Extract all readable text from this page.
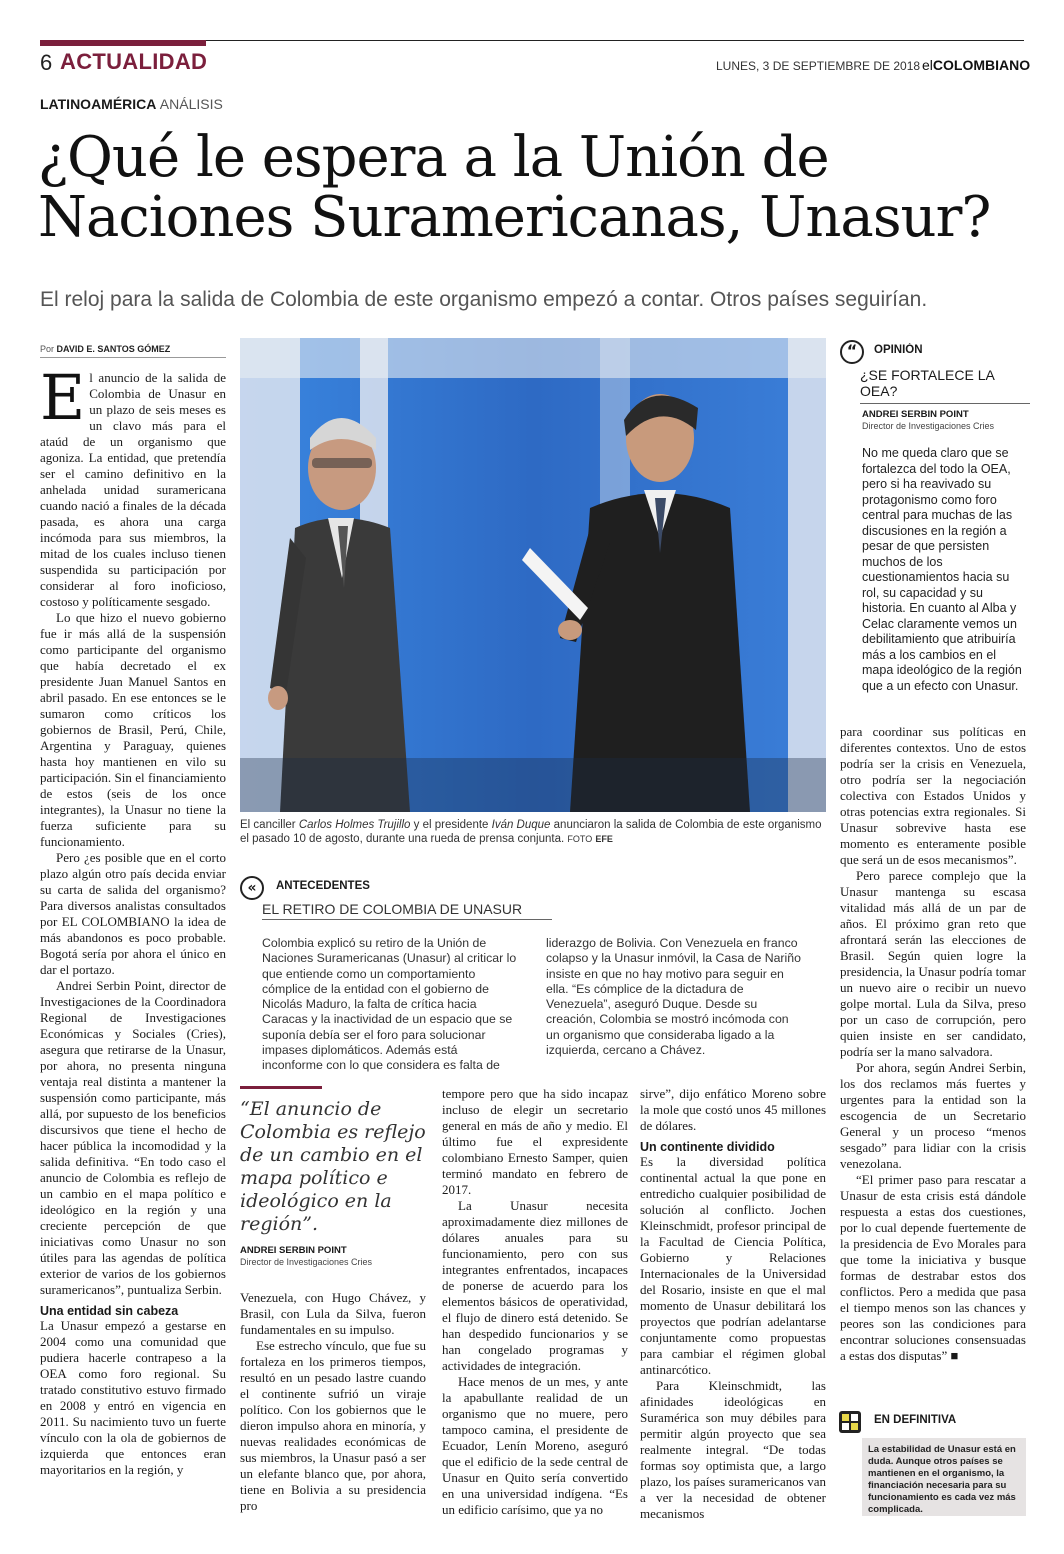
6 ACTUALIDAD	LUNES, 3 DE SEPTIEMBRE DE 2018 elCOLOMBIANO
LATINOAMÉRICA ANÁLISIS
¿Qué le espera a la Unión de Naciones Suramericanas, Unasur?
El reloj para la salida de Colombia de este organismo empezó a contar. Otros países seguirían.
Por DAVID E. SANTOS GÓMEZ

El anuncio de la salida de Colombia de Unasur en un plazo de seis meses es un clavo más para el ataúd de un organismo que agoniza. La entidad, que pretendía ser el camino definitivo en la anhelada unidad suramericana cuando nació a finales de la década pasada, es ahora una carga incómoda para sus miembros, la mitad de los cuales incluso tienen suspendida su participación por considerar al foro inoficioso, costoso y políticamente sesgado.

Lo que hizo el nuevo gobierno fue ir más allá de la suspensión como participante del organismo que había decretado el ex presidente Juan Manuel Santos en abril pasado. En ese entonces se le sumaron como críticos los gobiernos de Brasil, Perú, Chile, Argentina y Paraguay, quienes hasta hoy mantienen en vilo su participación. Sin el financiamiento de estos (seis de los once integrantes), la Unasur no tiene la fuerza suficiente para su funcionamiento.

Pero ¿es posible que en el corto plazo algún otro país decida enviar su carta de salida del organismo? Para diversos analistas consultados por EL COLOMBIANO la idea de más abandonos es poco probable. Bogotá sería por ahora el único en dar el portazo.

Andrei Serbin Point, director de Investigaciones de la Coordinadora Regional de Investigaciones Económicas y Sociales (Cries), asegura que retirarse de la Unasur, por ahora, no presenta ninguna ventaja real distinta a mantener la suspensión como participante, más allá, por supuesto de los beneficios discursivos que tiene el hecho de hacer pública la incomodidad y la salida definitiva. “En todo caso el anuncio de Colombia es reflejo de un cambio en el mapa político e ideológico en la región y una creciente percepción de que iniciativas como Unasur no son útiles para las agendas de política exterior de varios de los gobiernos suramericanos”, puntualiza Serbin.

Una entidad sin cabeza

La Unasur empezó a gestarse en 2004 como una comunidad que pudiera hacerle contrapeso a la OEA como foro regional. Su tratado constitutivo estuvo firmado en 2008 y entró en vigencia en 2011. Su nacimiento tuvo un fuerte vínculo con la ola de gobiernos de izquierda que entonces eran mayoritarios en la región, y

El canciller Carlos Holmes Trujillo y el presidente Iván Duque anunciaron la salida de Colombia de este organismo el pasado 10 de agosto, durante una rueda de prensa conjunta. FOTO EFE
“	OPINIÓN
¿SE FORTALECE LA OEA?
ANDREI SERBIN POINT
Director de Investigaciones Cries
No me queda claro que se fortalezca del todo la OEA, pero si ha reavivado su protagonismo como foro central para muchas de las discusiones en la región a pesar de que persisten muchos de los cuestionamientos hacia su rol, su capacidad y su historia. En cuanto al Alba y Celac claramente vemos un debilitamiento que atribuiría más a los cambios en el mapa ideológico de la región que a un efecto con Unasur.
«	ANTECEDENTES
EL RETIRO DE COLOMBIA DE UNASUR
Colombia explicó su retiro de la Unión de Naciones Suramericanas (Unasur) al criticar lo que entiende como un comportamiento cómplice de la entidad con el gobierno de Nicolás Maduro, la falta de crítica hacia Caracas y la inactividad de un espacio que se suponía debía ser el foro para solucionar impases diplomáticos. Además está inconforme con lo que considera es falta de liderazgo de Bolivia. Con Venezuela en franco colapso y la Unasur inmóvil, la Casa de Nariño insiste en que no hay motivo para seguir en ella. “Es cómplice de la dictadura de Venezuela”, aseguró Duque. Desde su creación, Colombia se mostró incómoda con un organismo que consideraba ligado a la izquierda, cercano a Chávez.
“El anuncio de Colombia es reflejo de un cambio en el mapa político e ideológico en la región”.
ANDREI SERBIN POINT
Director de Investigaciones Cries

Venezuela, con Hugo Chávez, y Brasil, con Lula da Silva, fueron fundamentales en su impulso.

Ese estrecho vínculo, que fue su fortaleza en los primeros tiempos, resultó en un pesado lastre cuando el continente sufrió un viraje político. Con los gobiernos que le dieron impulso ahora en minoría, y nuevas realidades económicas de sus miembros, la Unasur pasó a ser un elefante blanco que, por ahora, tiene en Bolivia a su presidencia pro

tempore pero que ha sido incapaz incluso de elegir un secretario general en más de año y medio. El último fue el expresidente colombiano Ernesto Samper, quien terminó mandato en febrero de 2017.

La Unasur necesita aproximadamente diez millones de dólares anuales para su funcionamiento, pero con sus integrantes enfrentados, incapaces de ponerse de acuerdo para los elementos básicos de operatividad, el flujo de dinero está detenido. Se han despedido funcionarios y se han congelado programas y actividades de integración.

Hace menos de un mes, y ante la apabullante realidad de un organismo que no muere, pero tampoco camina, el presidente de Ecuador, Lenín Moreno, aseguró que el edificio de la sede central de Unasur en Quito sería convertido en una universidad indígena. “Es un edificio carísimo, que ya no

sirve”, dijo enfático Moreno sobre la mole que costó unos 45 millones de dólares.

Un continente dividido

Es la diversidad política continental actual la que pone en entredicho cualquier posibilidad de solución al conflicto. Jochen Kleinschmidt, profesor principal de la Facultad de Ciencia Política, Gobierno y Relaciones Internacionales de la Universidad del Rosario, insiste en que el mal momento de Unasur debilitará los proyectos que podrían adelantarse conjuntamente como propuestas para cambiar el régimen global antinarcótico.

Para Kleinschmidt, las afinidades ideológicas en Suramérica son muy débiles para permitir algún proyecto que sea realmente integral. “De todas formas soy optimista que, a largo plazo, los países suramericanos van a ver la necesidad de obtener mecanismos

para coordinar sus políticas en diferentes contextos. Uno de estos podría ser la crisis en Venezuela, otro podría ser la negociación colectiva con Estados Unidos y otras potencias extra regionales. Si Unasur sobrevive hasta ese momento es enteramente posible que será un de esos mecanismos”.

Pero parece complejo que la Unasur mantenga su escasa vitalidad más allá de un par de años. El próximo gran reto que afrontará serán las elecciones de Brasil. Según quien logre la presidencia, la Unasur podría tomar un nuevo aire o recibir un nuevo golpe mortal. Lula da Silva, preso por un caso de corrupción, pero quien insiste en ser candidato, podría ser la mano salvadora.

Por ahora, según Andrei Serbin, los dos reclamos más fuertes y urgentes para la entidad son la escogencia de un Secretario General y un proceso “menos sesgado” para lidiar con la crisis venezolana.

“El primer paso para rescatar a Unasur de esta crisis está dándole respuesta a estas dos cuestiones, por lo cual depende fuertemente de la presidencia de Evo Morales para que tome la iniciativa y busque formas de destrabar estos dos conflictos. Pero a medida que pasa el tiempo menos son las chances y peores son las condiciones para encontrar soluciones consensuadas a estas dos disputas” ■

EN DEFINITIVA
La estabilidad de Unasur está en duda. Aunque otros países se mantienen en el organismo, la financiación necesaria para su funcionamiento es cada vez más complicada.
